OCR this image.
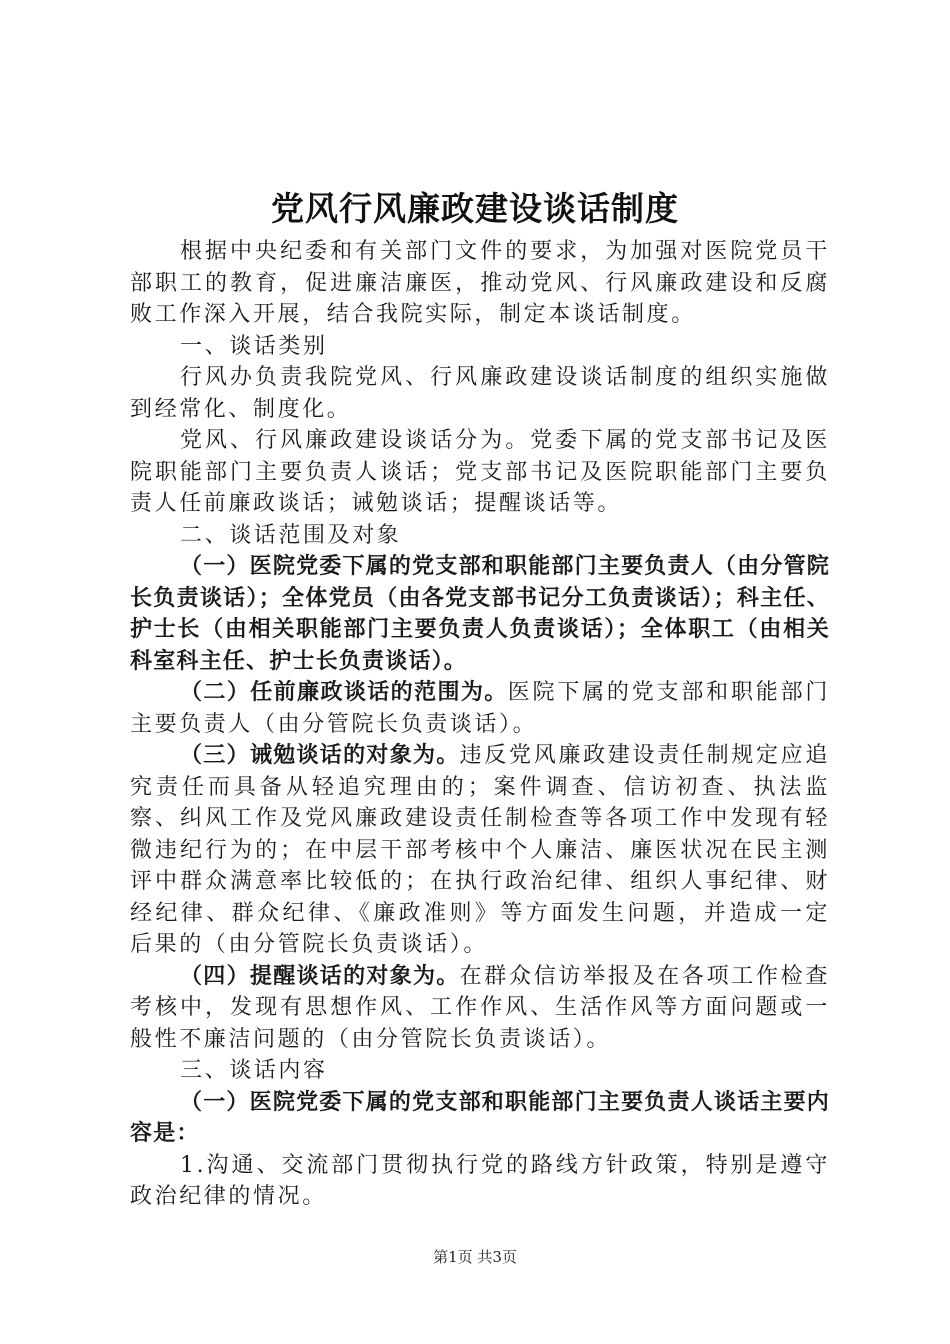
党风行风廉政建设谈话制度

根据中央纪委和有关部门文件的要求，为加强对医院党员干部职工的教育，促进廉洁廉医，推动党风、行风廉政建设和反腐败工作深入开展，结合我院实际，制定本谈话制度。

一、谈话类别

行风办负责我院党风、行风廉政建设谈话制度的组织实施做到经常化、制度化。

党风、行风廉政建设谈话分为。党委下属的党支部书记及医院职能部门主要负责人谈话；党支部书记及医院职能部门主要负责人任前廉政谈话；诫勉谈话；提醒谈话等。

二、谈话范围及对象

（一）医院党委下属的党支部和职能部门主要负责人（由分管院长负责谈话）；全体党员（由各党支部书记分工负责谈话）；科主任、护士长（由相关职能部门主要负责人负责谈话）；全体职工（由相关科室科主任、护士长负责谈话）。

（二）任前廉政谈话的范围为。医院下属的党支部和职能部门主要负责人（由分管院长负责谈话）。

（三）诫勉谈话的对象为。违反党风廉政建设责任制规定应追究责任而具备从轻追究理由的；案件调查、信访初查、执法监察、纠风工作及党风廉政建设责任制检查等各项工作中发现有轻微违纪行为的；在中层干部考核中个人廉洁、廉医状况在民主测评中群众满意率比较低的；在执行政治纪律、组织人事纪律、财经纪律、群众纪律、《廉政准则》等方面发生问题，并造成一定后果的（由分管院长负责谈话）。

（四）提醒谈话的对象为。在群众信访举报及在各项工作检查考核中，发现有思想作风、工作作风、生活作风等方面问题或一般性不廉洁问题的（由分管院长负责谈话）。

三、谈话内容

（一）医院党委下属的党支部和职能部门主要负责人谈话主要内容是：

1.沟通、交流部门贯彻执行党的路线方针政策，特别是遵守政治纪律的情况。

第1页 共3页
